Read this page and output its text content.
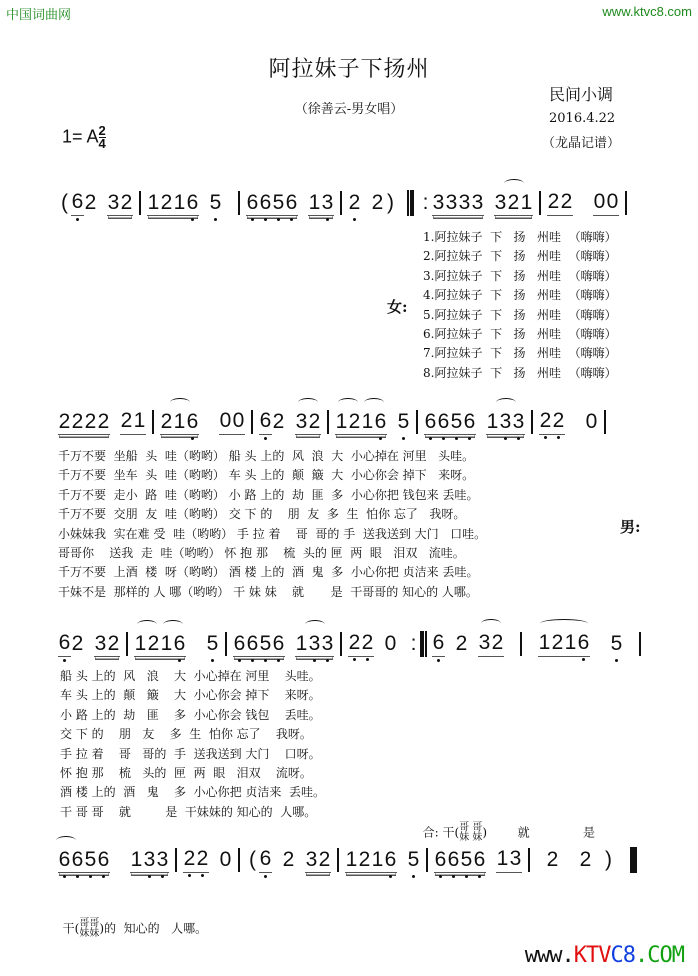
中国词曲网	www.ktvc8.com
阿拉妹子下扬州
（徐善云-男女唱）
民间小调
2016.4.22
（龙晶记谱）
1= A $\frac{2}{4}$
( 6 2 32 1216 5 6656 13 2 2 ) : 3333 321 22 00
女:
1.阿拉妹子  下   扬   州哇  （嗨嗨）
2.阿拉妹子  下   扬   州哇  （嗨嗨）
3.阿拉妹子  下   扬   州哇  （嗨嗨）
4.阿拉妹子  下   扬   州哇  （嗨嗨）
5.阿拉妹子  下   扬   州哇  （嗨嗨）
6.阿拉妹子  下   扬   州哇  （嗨嗨）
7.阿拉妹子  下   扬   州哇  （嗨嗨）
8.阿拉妹子  下   扬   州哇  （嗨嗨）
2222 21 216 00 6 2 32 1216 5 6656 133 22 0
千万不要  坐船  头  哇（哟哟） 船 头 上的  风  浪  大  小心掉在 河里   头哇。
千万不要  坐车  头  哇（哟哟） 车 头 上的  颠  簸  大  小心你会 掉下   来呀。
千万不要  走小  路  哇（哟哟） 小 路 上的  劫  匪  多  小心你把 钱包来 丢哇。
千万不要  交朋  友  哇（哟哟） 交 下 的    朋  友  多  生  怕你 忘了   我呀。
小妹妹我  实在难 受  哇（哟哟） 手 拉 着    哥  哥的 手  送我送到 大门   口哇。
哥哥你    送我  走  哇（哟哟） 怀 抱 那    梳  头的 匣  两  眼   泪双   流哇。
千万不要  上酒  楼  呀（哟哟） 酒 楼 上的  酒  鬼  多  小心你把 贞洁来 丢哇。
干妹不是  那样的 人 哪（哟哟） 干 妹 妹    就       是  干哥哥的 知心的 人哪。
男:
6 2 32 1216 5 6656 133 22 0 : 6 2 32 1216 5
船 头 上的  风   浪    大  小心掉在 河里    头哇。
车 头 上的  颠   簸    大  小心你会 掉下    来呀。
小 路 上的  劫   匪    多  小心你会 钱包    丢哇。
交 下 的    朋   友    多  生  怕你 忘了    我呀。
手 拉 着    哥   哥的  手  送我送到 大门    口呀。
怀 抱 那    梳   头的  匣  两  眼   泪双    流呀。
酒 楼 上的  酒   鬼    多  小心你把 贞洁来  丢哇。
干 哥 哥    就         是  干妹妹的 知心的  人哪。

合: 干( 哥 哥
妹 妹 )	就	是

6656 133 22 0 ( 6 2 32 1216 5 6656 13 2 2 )

干( 哥哥
妹妹 )的  知心的   人哪。

www.KTVC8.COM
